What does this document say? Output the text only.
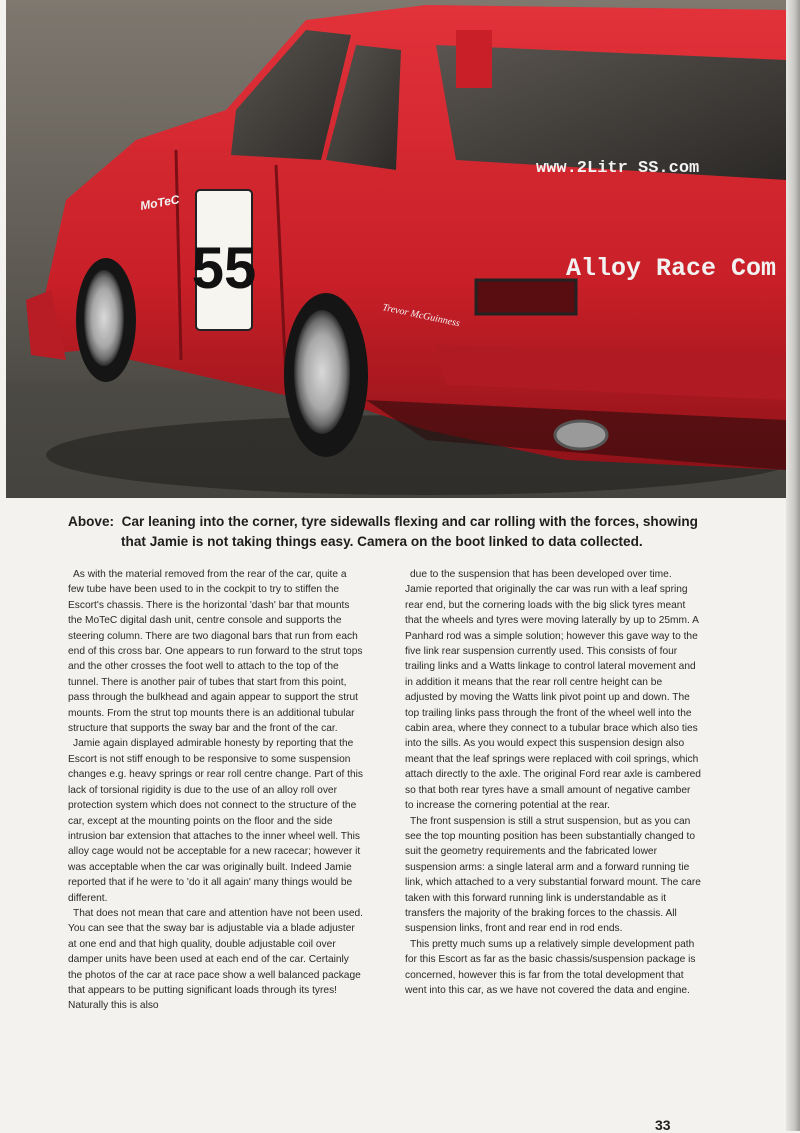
55	Alloy Race Com
www.2Litr SS.com
Trevor McGuinness
MoTeC
Above: Car leaning into the corner, tyre sidewalls flexing and car rolling with the forces, showing
that Jamie is not taking things easy. Camera on the boot linked to data collected.

As with the material removed from the rear of the car, quite a few tube have been used to in the cockpit to try to stiffen the Escort's chassis. There is the horizontal 'dash' bar that mounts the MoTeC digital dash unit, centre console and supports the steering column. There are two diagonal bars that run from each end of this cross bar. One appears to run forward to the strut tops and the other crosses the foot well to attach to the top of the tunnel. There is another pair of tubes that start from this point, pass through the bulkhead and again appear to support the strut mounts. From the strut top mounts there is an additional tubular structure that supports the sway bar and the front of the car.

Jamie again displayed admirable honesty by reporting that the Escort is not stiff enough to be responsive to some suspension changes e.g. heavy springs or rear roll centre change. Part of this lack of torsional rigidity is due to the use of an alloy roll over protection system which does not connect to the structure of the car, except at the mounting points on the floor and the side intrusion bar extension that attaches to the inner wheel well. This alloy cage would not be acceptable for a new racecar; however it was acceptable when the car was originally built. Indeed Jamie reported that if he were to 'do it all again' many things would be different.

That does not mean that care and attention have not been used. You can see that the sway bar is adjustable via a blade adjuster at one end and that high quality, double adjustable coil over damper units have been used at each end of the car. Certainly the photos of the car at race pace show a well balanced package that appears to be putting significant loads through its tyres! Naturally this is also

due to the suspension that has been developed over time. Jamie reported that originally the car was run with a leaf spring rear end, but the cornering loads with the big slick tyres meant that the wheels and tyres were moving laterally by up to 25mm. A Panhard rod was a simple solution; however this gave way to the five link rear suspension currently used. This consists of four trailing links and a Watts linkage to control lateral movement and in addition it means that the rear roll centre height can be adjusted by moving the Watts link pivot point up and down. The top trailing links pass through the front of the wheel well into the cabin area, where they connect to a tubular brace which also ties into the sills. As you would expect this suspension design also meant that the leaf springs were replaced with coil springs, which attach directly to the axle. The original Ford rear axle is cambered so that both rear tyres have a small amount of negative camber to increase the cornering potential at the rear.

The front suspension is still a strut suspension, but as you can see the top mounting position has been substantially changed to suit the geometry requirements and the fabricated lower suspension arms: a single lateral arm and a forward running tie link, which attached to a very substantial forward mount. The care taken with this forward running link is understandable as it transfers the majority of the braking forces to the chassis. All suspension links, front and rear end in rod ends.

This pretty much sums up a relatively simple development path for this Escort as far as the basic chassis/suspension package is concerned, however this is far from the total development that went into this car, as we have not covered the data and engine.

33
